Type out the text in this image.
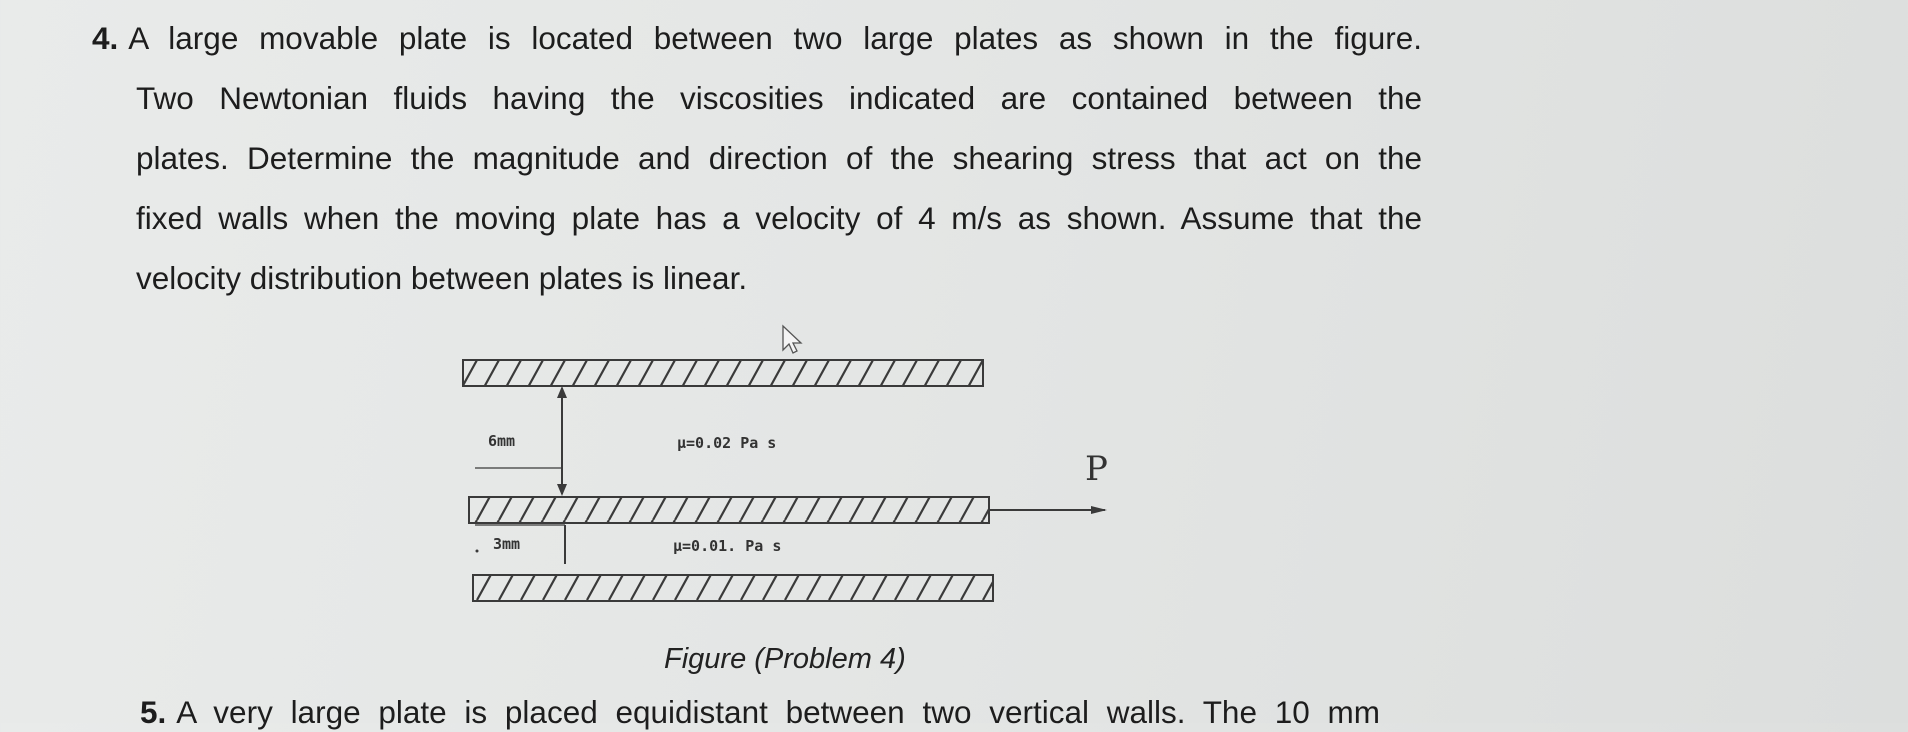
4. A large movable plate is located between two large plates as shown in the figure.
Two Newtonian fluids having the viscosities indicated are contained between the
plates. Determine the magnitude and direction of the shearing stress that act on the
fixed walls when the moving plate has a velocity of 4 m/s as shown. Assume that the
velocity distribution between plates is linear.
6mm	μ=0.02 Pa s
3mm	μ=0.01. Pa s
P
Figure (Problem 4)
5. A very large plate is placed equidistant between two vertical walls. The 10 mm
